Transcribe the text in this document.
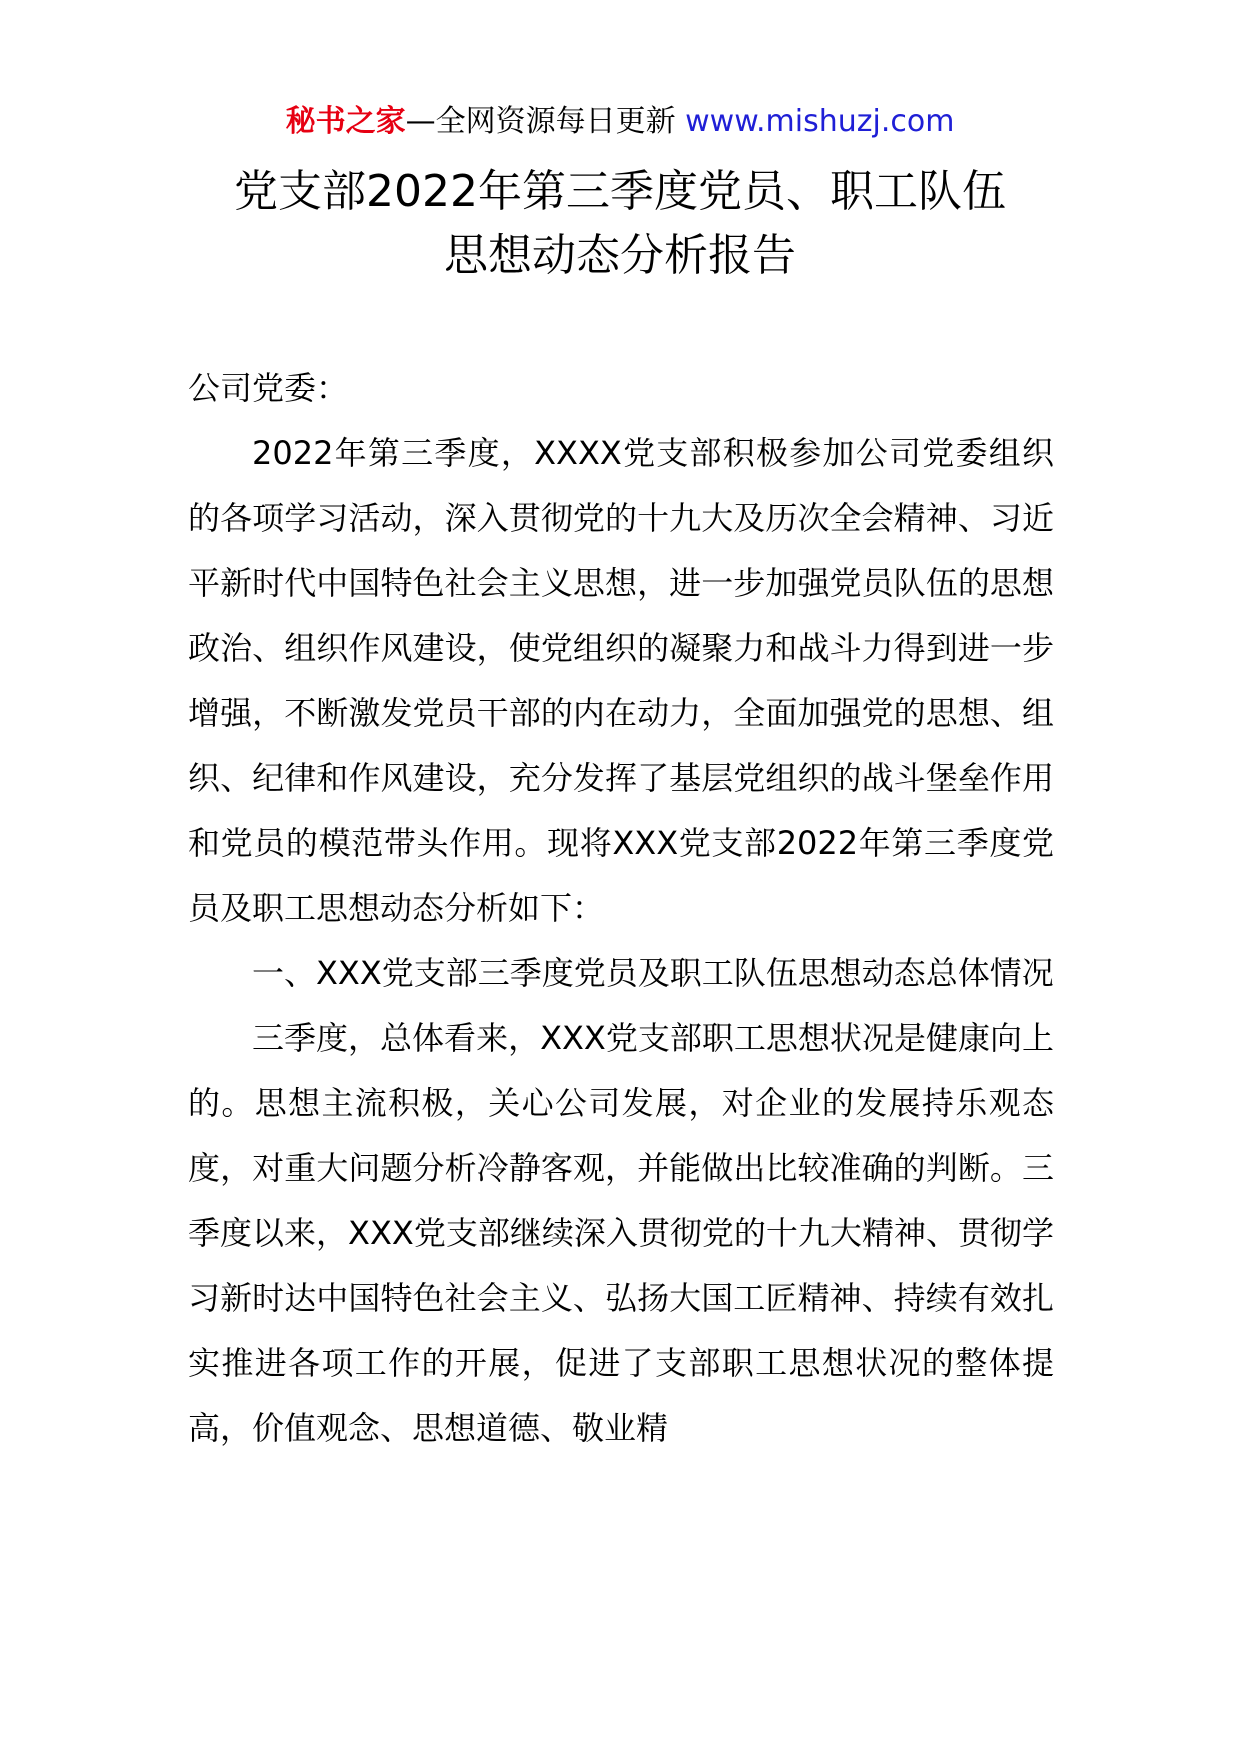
秘书之家—全网资源每日更新 www.mishuzj.com
党支部2022年第三季度党员、职工队伍
思想动态分析报告

公司党委：

2022年第三季度，XXXX党支部积极参加公司党委组织的各项学习活动，深入贯彻党的十九大及历次全会精神、习近平新时代中国特色社会主义思想，进一步加强党员队伍的思想政治、组织作风建设，使党组织的凝聚力和战斗力得到进一步增强，不断激发党员干部的内在动力，全面加强党的思想、组织、纪律和作风建设，充分发挥了基层党组织的战斗堡垒作用和党员的模范带头作用。现将XXX党支部2022年第三季度党员及职工思想动态分析如下：

一、XXX党支部三季度党员及职工队伍思想动态总体情况

三季度，总体看来，XXX党支部职工思想状况是健康向上的。思想主流积极，关心公司发展，对企业的发展持乐观态度，对重大问题分析冷静客观，并能做出比较准确的判断。三季度以来，XXX党支部继续深入贯彻党的十九大精神、贯彻学习新时达中国特色社会主义、弘扬大国工匠精神、持续有效扎实推进各项工作的开展，促进了支部职工思想状况的整体提高，价值观念、思想道德、敬业精
